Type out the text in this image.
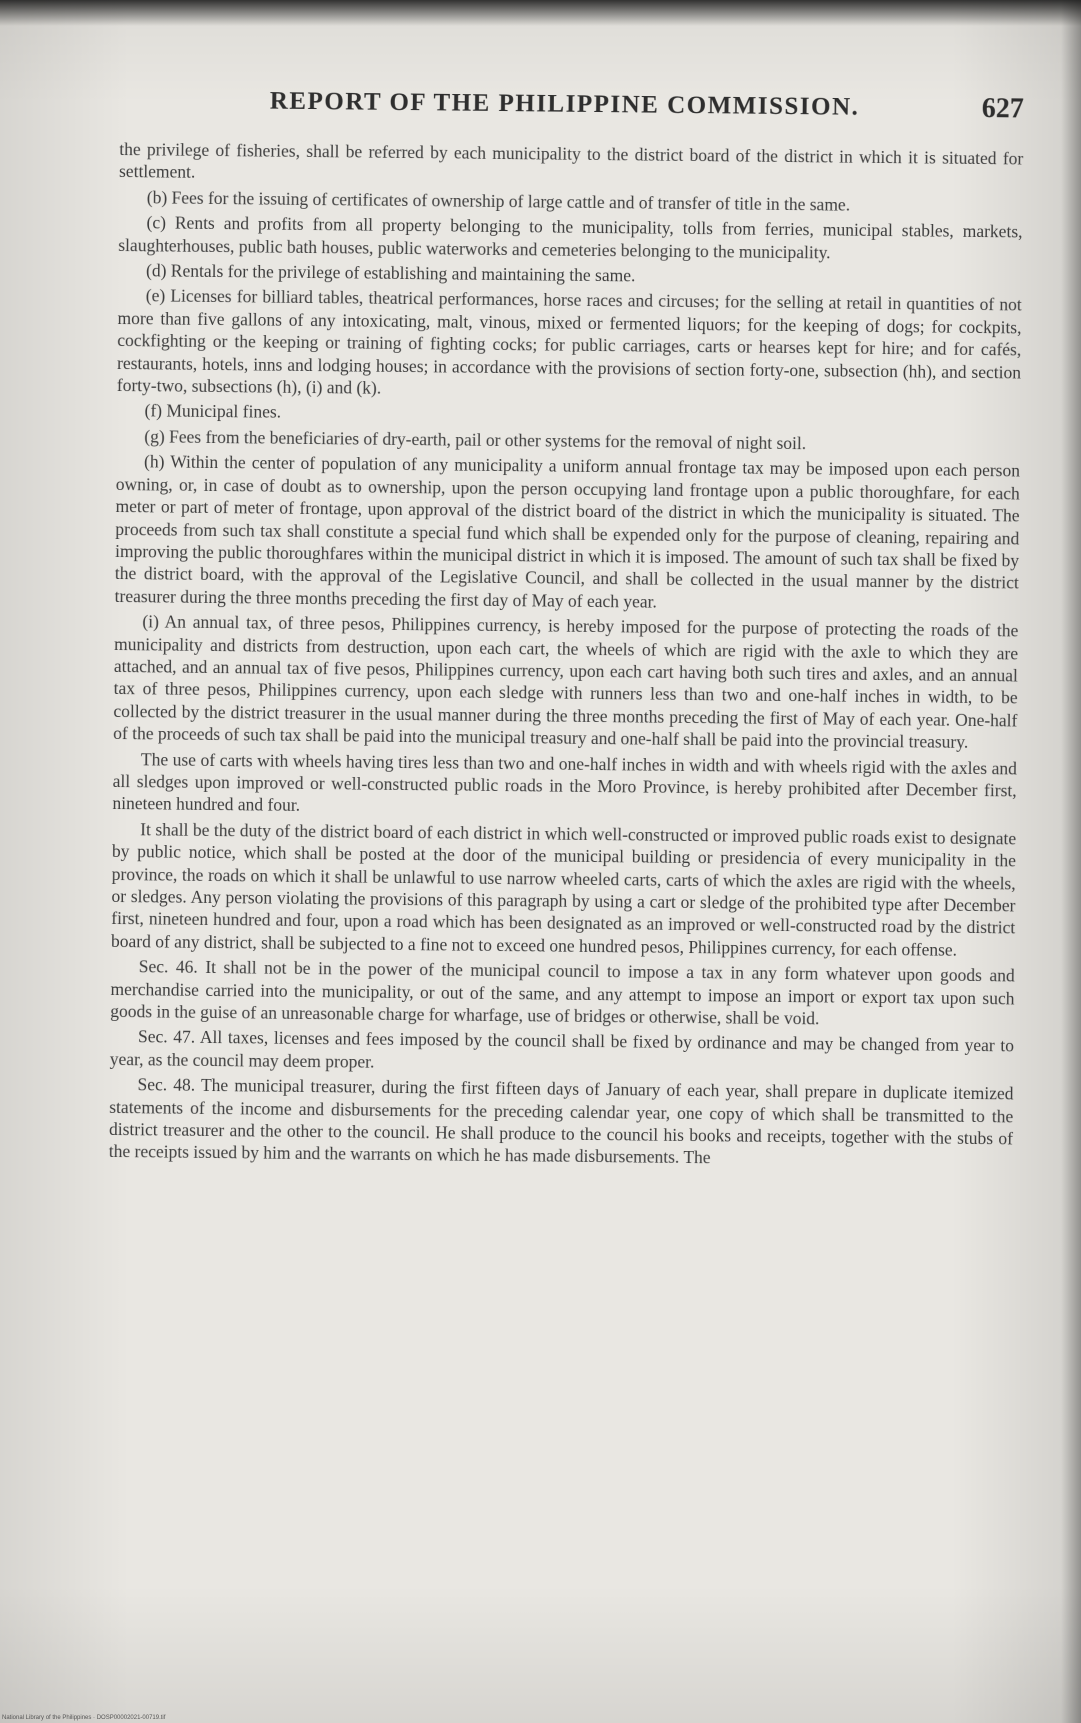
REPORT OF THE PHILIPPINE COMMISSION.	627

the privilege of fisheries, shall be referred by each municipality to the district board of the district in which it is situated for settlement.

(b) Fees for the issuing of certificates of ownership of large cattle and of transfer of title in the same.

(c) Rents and profits from all property belonging to the municipality, tolls from ferries, municipal stables, markets, slaughterhouses, public bath houses, public waterworks and cemeteries belonging to the municipality.

(d) Rentals for the privilege of establishing and maintaining the same.

(e) Licenses for billiard tables, theatrical performances, horse races and circuses; for the selling at retail in quantities of not more than five gallons of any intoxicating, malt, vinous, mixed or fermented liquors; for the keeping of dogs; for cockpits, cockfighting or the keeping or training of fighting cocks; for public carriages, carts or hearses kept for hire; and for cafés, restaurants, hotels, inns and lodging houses; in accordance with the provisions of section forty-one, subsection (hh), and section forty-two, subsections (h), (i) and (k).

(f) Municipal fines.

(g) Fees from the beneficiaries of dry-earth, pail or other systems for the removal of night soil.

(h) Within the center of population of any municipality a uniform annual frontage tax may be imposed upon each person owning, or, in case of doubt as to ownership, upon the person occupying land frontage upon a public thoroughfare, for each meter or part of meter of frontage, upon approval of the district board of the district in which the municipality is situated. The proceeds from such tax shall constitute a special fund which shall be expended only for the purpose of cleaning, repairing and improving the public thoroughfares within the municipal district in which it is imposed. The amount of such tax shall be fixed by the district board, with the approval of the Legislative Council, and shall be collected in the usual manner by the district treasurer during the three months preceding the first day of May of each year.

(i) An annual tax, of three pesos, Philippines currency, is hereby imposed for the purpose of protecting the roads of the municipality and districts from destruction, upon each cart, the wheels of which are rigid with the axle to which they are attached, and an annual tax of five pesos, Philippines currency, upon each cart having both such tires and axles, and an annual tax of three pesos, Philippines currency, upon each sledge with runners less than two and one-half inches in width, to be collected by the district treasurer in the usual manner during the three months preceding the first of May of each year. One-half of the proceeds of such tax shall be paid into the municipal treasury and one-half shall be paid into the provincial treasury.

The use of carts with wheels having tires less than two and one-half inches in width and with wheels rigid with the axles and all sledges upon improved or well-constructed public roads in the Moro Province, is hereby prohibited after December first, nineteen hundred and four.

It shall be the duty of the district board of each district in which well-constructed or improved public roads exist to designate by public notice, which shall be posted at the door of the municipal building or presidencia of every municipality in the province, the roads on which it shall be unlawful to use narrow wheeled carts, carts of which the axles are rigid with the wheels, or sledges. Any person violating the provisions of this paragraph by using a cart or sledge of the prohibited type after December first, nineteen hundred and four, upon a road which has been designated as an improved or well-constructed road by the district board of any district, shall be subjected to a fine not to exceed one hundred pesos, Philippines currency, for each offense.

Sec. 46. It shall not be in the power of the municipal council to impose a tax in any form whatever upon goods and merchandise carried into the municipality, or out of the same, and any attempt to impose an import or export tax upon such goods in the guise of an unreasonable charge for wharfage, use of bridges or otherwise, shall be void.

Sec. 47. All taxes, licenses and fees imposed by the council shall be fixed by ordinance and may be changed from year to year, as the council may deem proper.

Sec. 48. The municipal treasurer, during the first fifteen days of January of each year, shall prepare in duplicate itemized statements of the income and disbursements for the preceding calendar year, one copy of which shall be transmitted to the district treasurer and the other to the council. He shall produce to the council his books and receipts, together with the stubs of the receipts issued by him and the warrants on which he has made disbursements. The

National Library of the Philippines · DOSP00002021-00719.tif
